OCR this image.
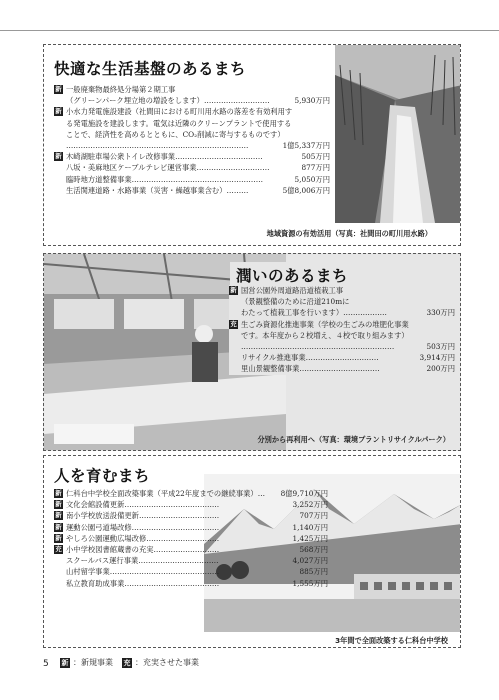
快適な生活基盤のあるまち
新 一般廃棄物最終処分場第２期工事
（グリーンパーク埋立地の増設をします）………………………	5,930万円
新 小水力発電施設建設（社間田における町川用水路の落差を有効利用す
る発電施設を建設します。電気は近隣のクリーンプラントで使用する
ことで、経済性を高めるとともに、CO₂削減に寄与するものです）
…………………………………………………………………	1億5,337万円
新 木崎湖駐車場公衆トイレ改修事業………………………………	505万円
八坂・美麻地区ケーブルテレビ運営事業…………………………	877万円
臨時地方道整備事業………………………………………………	5,050万円
生活関連道路・水路事業（災害・繰越事業含む）………	5億8,006万円
地域資源の有効活用（写真：社間田の町川用水路）
潤いのあるまち
新 国営公園外周道路沿道植栽工事
（景観整備のために沿道210mに
わたって植栽工事を行います）………………	330万円
充 生ごみ資源化推進事業（学校の生ごみの堆肥化事業
です。本年度から２校増え、４校で取り組みます）
………………………………………………………	503万円
リサイクル推進事業…………………………	3,914万円
里山景観整備事業……………………………	200万円
分別から再利用へ（写真：環境プラントリサイクルパーク）
人を育むまち
新 仁科台中学校全面改築事業（平成22年度までの継続事業）… 8億9,710万円
新 文化会館設備更新…………………………………	3,252万円
新 南小学校放送設備更新……………………………	707万円
新 運動公園弓道場改修………………………………	1,140万円
新 やしろ公園運動広場改修…………………………	1,425万円
充 小中学校図書館蔵書の充実………………………	568万円
スクールバス運行事業……………………………	4,027万円
山村留学事業………………………………………	885万円
私立教育助成事業…………………………………	1,555万円
3年間で全面改築する仁科台中学校
5 新 ：新規事業 充 ：充実させた事業
